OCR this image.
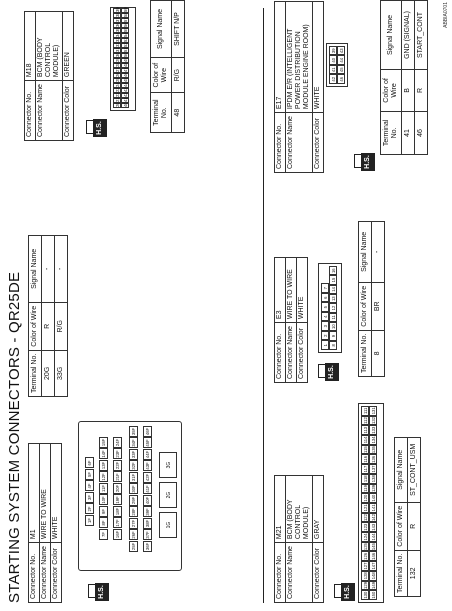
STARTING SYSTEM CONNECTORS - QR25DE Connector No.	M1
Connector Name	WIRE TO WIRE
Connector Color	WHITE
H.S.
1F
2F
3F
4F
5F
6F
7F
8F
9F
10F
11F
12F
13F
14F
15F
16F
17F
18F
19F
20F
21F
22F
23F
24F
25F
26F
27F
28F
29F
30F
31F
32F
33F
34F
35F
36F
37F
38F
39F
40F
41F
42F
43F
44F
45F
46F
1G
2G
3G
Terminal No.	Color of Wire	Signal Name
20G	R	-
33G	R/G	-
Connector No.	M18
Connector Name	BCM (BODY CONTROL MODULE)
Connector Color	GREEN
H.S.
20
21
22
23
24
25
26
27
28
29
30
31
32
33
34
35
36
37
38
39
40
41
42
43
44
45
46
47
48
49
50
51
52
53
54
55
56
57
58
59
Terminal No.	Color of Wire	Signal Name
48	R/G	SHIFT N/P
Connector No.	M21
Connector Name	BCM (BODY CONTROL MODULE)
Connector Color	GRAY
H.S.	130
129
128
127
126
125
124
123
122
121
120
119
118
117
116
115
114
113
112
111
150
149
148
147
146
145
144
143
142
141
140
139
138
137
136
135
134
133
132
131
Terminal No.	Color of Wire	Signal Name
132	R	ST_CONT_USM
Connector No.	E3
Connector Name	WIRE TO WIRE
Connector Color	WHITE
H.S.
1
2
3
4
5
6
7
8
9
10
11
12
13
14
15
16
Terminal No.	Color of Wire	Signal Name
8	BR	-
Connector No.	E17
Connector Name	IPDM E/R (INTELLIGENT POWER DISTRIBUTION MODULE ENGINE ROOM)
Connector Color	WHITE
H.S.
42
41
40
39
46
45
44
43
Terminal No.	Color of Wire	Signal Name
41	B	GND (SIGNAL)
46	R	START_CONT	ABBIA0701
